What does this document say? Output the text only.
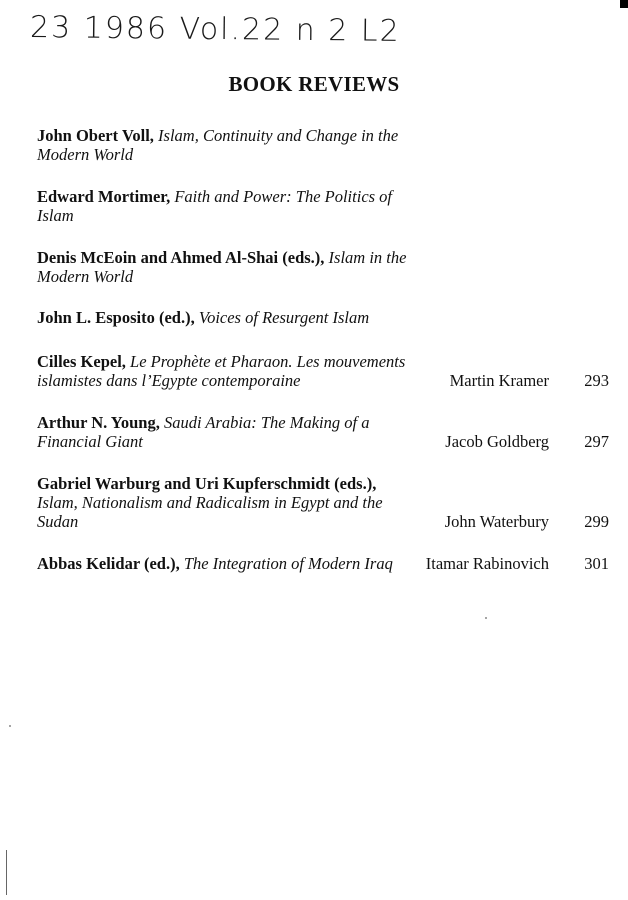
23 1986 Vol.22 n 2 L2
BOOK REVIEWS
John Obert Voll, Islam, Continuity and Change in the Modern World
Edward Mortimer, Faith and Power: The Politics of Islam
Denis McEoin and Ahmed Al-Shai (eds.), Islam in the Modern World
John L. Esposito (ed.), Voices of Resurgent Islam
Cilles Kepel, Le Prophète et Pharaon. Les mouvements islamistes dans l’Egypte contemporaine	Martin Kramer 293
Arthur N. Young, Saudi Arabia: The Making of a Financial Giant	Jacob Goldberg 297
Gabriel Warburg and Uri Kupferschmidt (eds.), Islam, Nationalism and Radicalism in Egypt and the Sudan	John Waterbury 299
Abbas Kelidar (ed.), The Integration of Modern Iraq	Itamar Rabinovich 301
